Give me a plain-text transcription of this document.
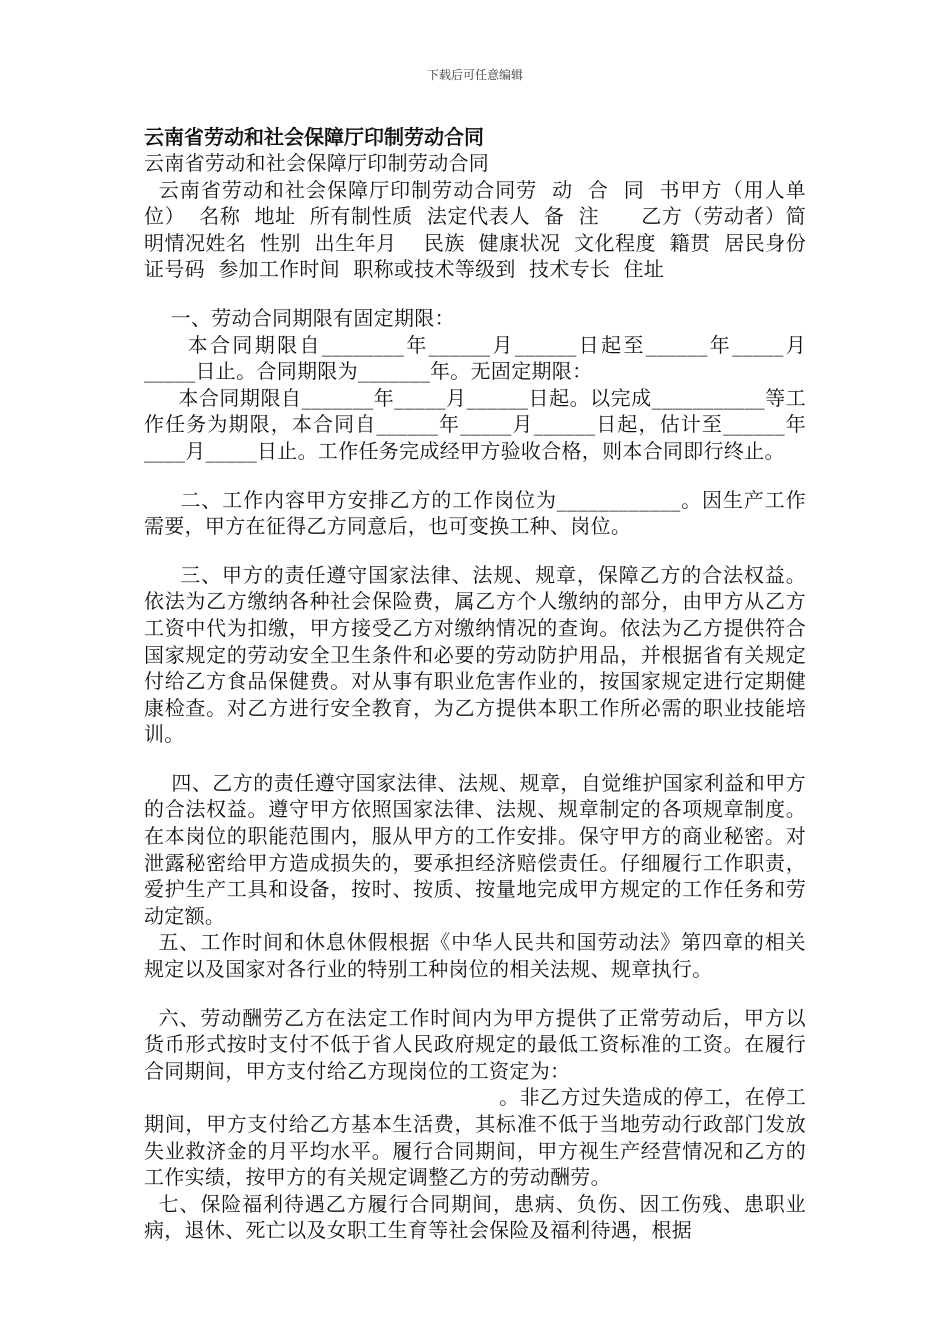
下载后可任意编辑

云南省劳动和社会保障厅印制劳动合同

云南省劳动和社会保障厅印制劳动合同

云南省劳动和社会保障厅印制劳动合同劳  动  合  同  书甲方（用人单位）  名称  地址  所有制性质  法定代表人  备  注      乙方（劳动者）简明情况姓名  性别  出生年月    民族  健康状况  文化程度  籍贯  居民身份证号码  参加工作时间  职称或技术等级到  技术专长  住址

一、劳动合同期限有固定期限：

本合同期限自________年______月______日起至______年_____月_____日止。合同期限为_______年。无固定期限：

本合同期限自_______年_____月______日起。以完成___________等工作任务为期限，本合同自______年_____月______日起，估计至______年____月_____日止。工作任务完成经甲方验收合格，则本合同即行终止。

二、工作内容甲方安排乙方的工作岗位为____________。因生产工作需要，甲方在征得乙方同意后，也可变换工种、岗位。

三、甲方的责任遵守国家法律、法规、规章，保障乙方的合法权益。依法为乙方缴纳各种社会保险费，属乙方个人缴纳的部分，由甲方从乙方工资中代为扣缴，甲方接受乙方对缴纳情况的查询。依法为乙方提供符合国家规定的劳动安全卫生条件和必要的劳动防护用品，并根据省有关规定付给乙方食品保健费。对从事有职业危害作业的，按国家规定进行定期健康检查。对乙方进行安全教育，为乙方提供本职工作所必需的职业技能培训。

四、乙方的责任遵守国家法律、法规、规章，自觉维护国家利益和甲方的合法权益。遵守甲方依照国家法律、法规、规章制定的各项规章制度。在本岗位的职能范围内，服从甲方的工作安排。保守甲方的商业秘密。对泄露秘密给甲方造成损失的，要承担经济赔偿责任。仔细履行工作职责，爱护生产工具和设备，按时、按质、按量地完成甲方规定的工作任务和劳动定额。

五、工作时间和休息休假根据《中华人民共和国劳动法》第四章的相关规定以及国家对各行业的特别工种岗位的相关法规、规章执行。

六、劳动酬劳乙方在法定工作时间内为甲方提供了正常劳动后，甲方以货币形式按时支付不低于省人民政府规定的最低工资标准的工资。在履行合同期间，甲方支付给乙方现岗位的工资定为：

。非乙方过失造成的停工，在停工期间，甲方支付给乙方基本生活费，其标准不低于当地劳动行政部门发放失业救济金的月平均水平。履行合同期间，甲方视生产经营情况和乙方的工作实绩，按甲方的有关规定调整乙方的劳动酬劳。

七、保险福利待遇乙方履行合同期间，患病、负伤、因工伤残、患职业病，退休、死亡以及女职工生育等社会保险及福利待遇，根据
